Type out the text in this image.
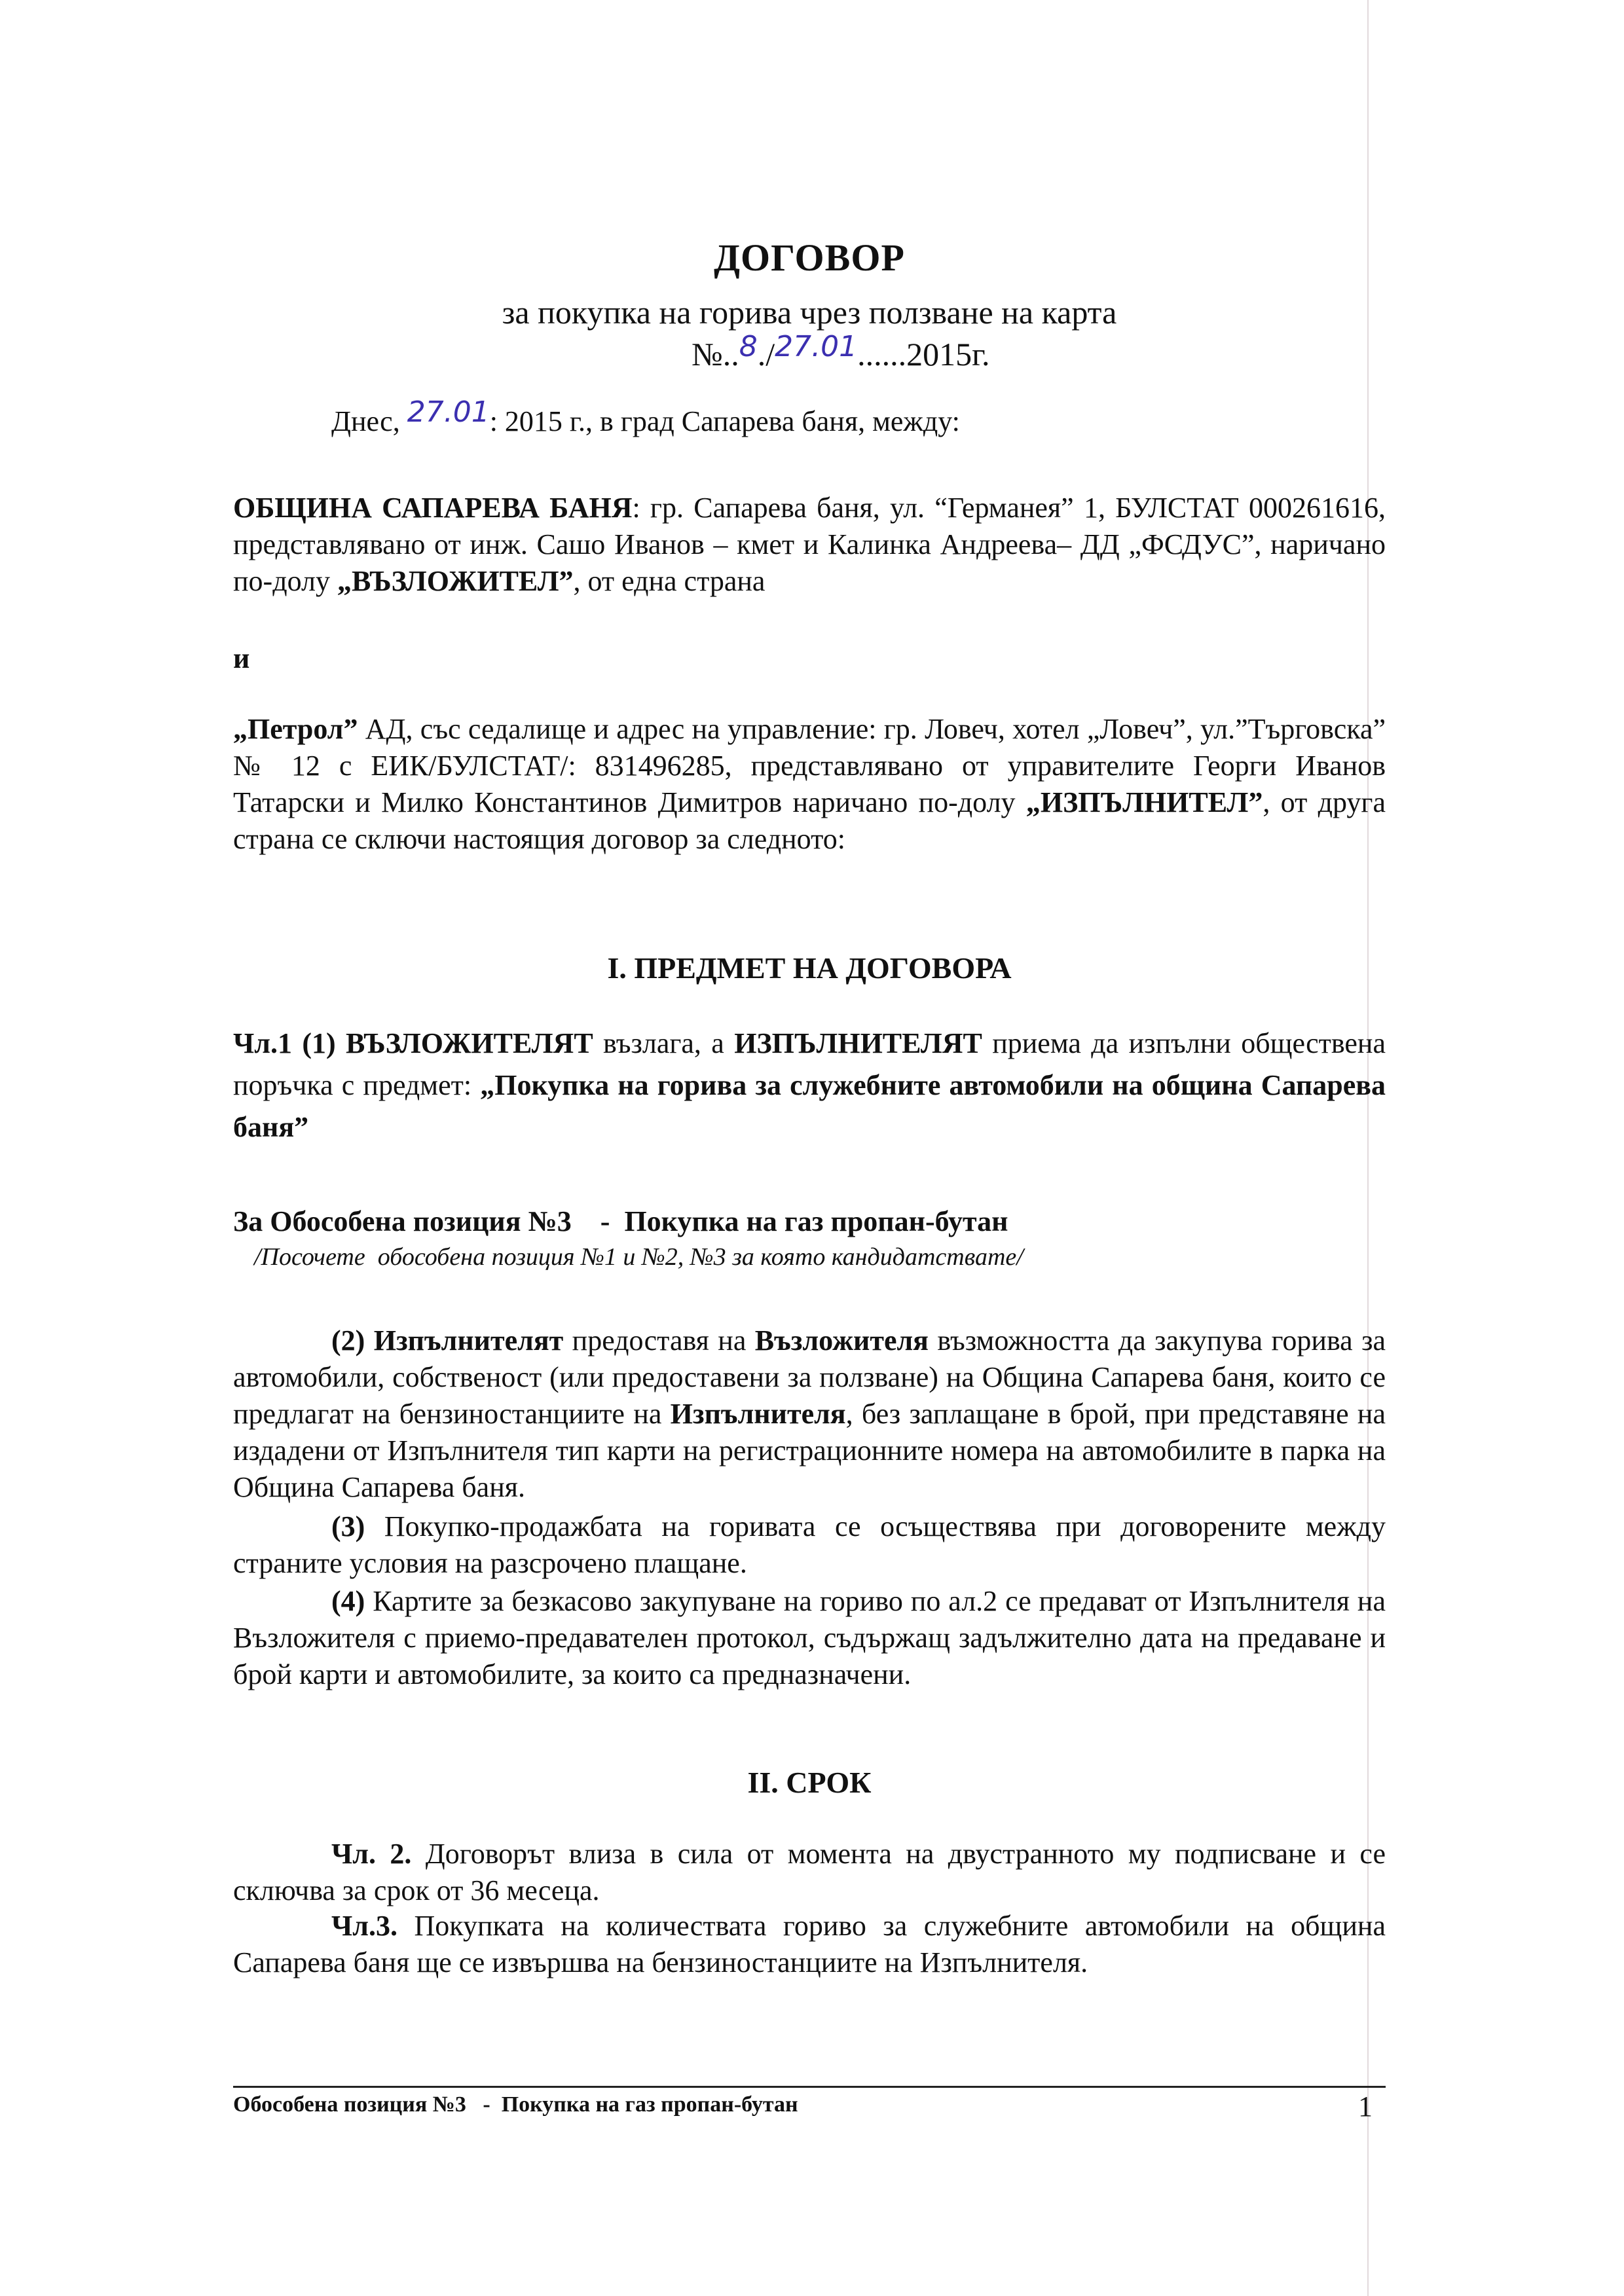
ДОГОВОР
за покупка на горива чрез ползване на карта
№..8./27.01......2015г.
Днес, 27.01: 2015 г., в град Сапарева баня, между:
ОБЩИНА САПАРЕВА БАНЯ: гр. Сапарева баня, ул. “Германея” 1, БУЛСТАТ 000261616, представлявано от инж. Сашо Иванов – кмет и Калинка Андреева– ДД „ФСДУС”, наричано по-долу „ВЪЗЛОЖИТЕЛ”, от една страна
и
„Петрол” АД, със седалище и адрес на управление: гр. Ловеч, хотел „Ловеч”, ул.”Търговска” № 12 с ЕИК/БУЛСТАТ/: 831496285, представлявано от управителите Георги Иванов Татарски и Милко Константинов Димитров наричано по-долу „ИЗПЪЛНИТЕЛ”, от друга страна се сключи настоящия договор за следното:
I. ПРЕДМЕТ НА ДОГОВОРА
Чл.1 (1) ВЪЗЛОЖИТЕЛЯТ възлага, а ИЗПЪЛНИТЕЛЯТ приема да изпълни обществена поръчка с предмет: „Покупка на горива за служебните автомобили на община Сапарева баня”
За Обособена позиция №3    -  Покупка на газ пропан-бутан
/Посочете  обособена позиция №1 и №2, №3 за която кандидатствате/
(2) Изпълнителят предоставя на Възложителя възможността да закупува горива за автомобили, собственост (или предоставени за ползване) на Община Сапарева баня, които се предлагат на бензиностанциите на Изпълнителя, без заплащане в брой, при представяне на издадени от Изпълнителя тип карти на регистрационните номера на автомобилите в парка на Община Сапарева баня.
(3) Покупко-продажбата на горивата се осъществява при договорените между страните условия на разсрочено плащане.
(4) Картите за безкасово закупуване на гориво по ал.2 се предават от Изпълнителя на Възложителя с приемо-предавателен протокол, съдържащ задължително дата на предаване и брой карти и автомобилите, за които са предназначени.
II. СРОК
Чл. 2. Договорът влиза в сила от момента на двустранното му подписване и се сключва за срок от 36 месеца.
Чл.3. Покупката на количествата гориво за служебните автомобили на община Сапарева баня ще се извършва на бензиностанциите на Изпълнителя.
Обособена позиция №3   -  Покупка на газ пропан-бутан	1
